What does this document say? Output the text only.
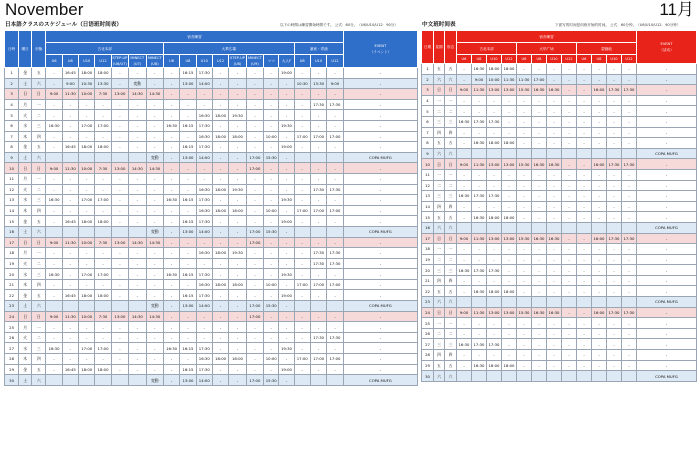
November	11月
日本語クラスのスケジュール（日语班时间表）	以下の時間は練習開始時間です。 公式：60分。（U6/U10/U12：90分）	中文班时间表	下面写的时间是训练开始的时间。 公式：60分钟。（U6/U10/U12：90分钟）
日時	曜日	形態	宿舎練習																		EVENT
（イベント）
			古北本部							大華広場								浦東・青浦			
			U6	U8	U10	U12	STEP-UP
(U6/U7)	MINECT
(U7)	MINECT
(U8)	U6	U8	U10	U12	STEP-UP
(U8)	MINECT
(U9)	ママ	大人F	U8	U10	U12	
1	金	五	-	16:45	18:00	18:00	-	-	-	-	16:15	17:30	-	-	-	-	19:00	-	-	-	-
2	土	六	-	9:00	10:30	13:30	-	変動	-	-	13:00	14:00	-	-	-	-	-	10:30	13:30	9:00	-
3	日	日	9:00	11:30	10:00	7:30	13:00	14:30	14:30	-	-	-	-	-	-	-	-	-	-	-	-
4	月	一	-	-	-	-	-	-	-	-	-	-	-	-	-	-	-	-	17:30	17:30	-
5	火	二	-	-	-	-	-	-	-	-	-	16:30	18:00	19:30	-	-	-	-	-	-	-
6	水	三	16:30	-	17:00	17:00	-	-	-	16:30	16:15	17:30	-	-	-	-	19:30	-	-	-	-
7	木	四	-	-	-	-	-	-	-	-	-	16:30	18:00	18:00	-	10:00	-	17:00	17:00	17:00	-
8	金	五	-	16:45	18:00	18:00	-	-	-	-	16:15	17:30	-	-	-	-	19:00	-	-	-	-
9	土	六							変動	-	13:00	14:00	-	-	17:00	15:30	-				COPA MUFG
10	日	日	9:00	11:30	10:00	7:30	13:00	14:30	14:30	-	-	-	-	-	17:00	-	-	-	-	-	-
11	月	一	-	-	-	-	-	-	-	-	-	-	-	-	-	-	-	-	-	-	-
12	火	二	-	-	-	-	-	-	-	-	-	16:30	18:00	19:30	-	-	-	-	17:30	17:30	-
13	水	三	16:30	-	17:00	17:00	-	-	-	16:30	16:15	17:30	-	-	-	-	19:30	-	-	-	-
14	木	四	-	-	-	-	-	-	-	-	-	16:30	18:00	18:00	-	10:00	-	17:00	17:00	17:00	-
15	金	五	-	16:45	18:00	18:00	-	-	-	-	16:15	17:30	-	-	-	-	19:00	-	-	-	-
16	土	六							変動	-	13:00	14:00	-	-	17:00	15:30	-				COPA MUFG
17	日	日	9:00	11:30	10:00	7:30	13:00	14:30	14:30	-	-	-	-	-	17:00	-	-	-	-	-	-
18	月	一	-	-	-	-	-	-	-	-	-	16:30	18:00	19:30	-	-	-	-	17:30	17:30	-
19	火	二	-	-	-	-	-	-	-	-	-	-	-	-	-	-	-	-	17:30	17:30	-
20	水	三	16:30	-	17:00	17:00	-	-	-	16:30	16:15	17:30	-	-	-	-	19:30	-	-	-	-
21	木	四	-	-	-	-	-	-	-	-	-	16:30	18:00	18:00	-	10:00	-	17:00	17:00	17:00	-
22	金	五	-	16:45	18:00	18:00	-	-	-	-	16:15	17:30	-	-	-	-	19:00	-	-	-	-
23	土	六							変動	-	13:00	14:00	-	-	17:00	15:30	-				COPA MUFG
24	日	日	9:00	11:30	10:00	7:30	13:00	14:30	14:30	-	-	-	-	-	17:00	-	-	-	-	-	-
25	月	一	-	-	-	-	-	-	-	-	-	-	-	-	-	-	-	-	-	-	-
26	火	二	-	-	-	-	-	-	-	-	-	-	-	-	-	-	-	-	17:30	17:30	-
27	水	三	16:30	-	17:00	17:00	-	-	-	16:30	16:15	17:30	-	-	-	-	19:30	-	-	-	-
28	木	四	-	-	-	-	-	-	-	-	-	16:30	18:00	18:00	-	10:00	-	17:00	17:00	17:00	-
29	金	五	-	16:45	18:00	18:00	-	-	-	-	16:15	17:30	-	-	-	-	19:00	-	-	-	-
30	土	六							変動	-	13:00	14:00	-	-	17:00	15:30	-				COPA MUFG
日期	星期	形态	宿舎練習												EVENT
（活动）
			古北本部				大华广场				碧綫地				
			U6	U8	U10	U12	U6	U8	U10	U12	U6	U8	U10	U12	
1	五	五	-	16:30	18:00	18:00	-	-	-	-	-	-	-	-	-
2	六	六	-	9:00	10:00	11:30	11:30	17:00	-	-	-	-	-	-	-
3	日	日	9:00	11:30	13:00	13:00	15:30	16:30	16:30	-	-	16:00	17:30	17:30	-
4	一	一	-	-	-	-	-	-	-	-	-	-	-	-	-
5	二	二	-	-	-	-	-	-	-	-	-	-	-	-	-
6	三	三	16:30	17:30	17:30	-	-	-	-	-	-	-	-	-	-
7	四	四	-	-	-	-	-	-	-	-	-	-	-	-	-
8	五	五	-	16:30	18:00	18:00	-	-	-	-	-	-	-	-	-
9	六	六													COPA MUFG
10	日	日	9:00	11:30	13:00	13:00	15:30	16:30	16:30	-	-	16:00	17:30	17:30	-
11	一	一	-	-	-	-	-	-	-	-	-	-	-	-	-
12	二	二	-	-	-	-	-	-	-	-	-	-	-	-	-
13	三	三	16:30	17:30	17:30	-	-	-	-	-	-	-	-	-	-
14	四	四	-	-	-	-	-	-	-	-	-	-	-	-	-
15	五	五	-	16:30	18:00	18:00	-	-	-	-	-	-	-	-	-
16	六	六													COPA MUFG
17	日	日	9:00	11:30	13:00	13:00	15:30	16:30	16:30	-	-	16:00	17:30	17:30	-
18	一	一	-	-	-	-	-	-	-	-	-	-	-	-	-
19	二	二	-	-	-	-	-	-	-	-	-	-	-	-	-
20	三	三	16:30	17:30	17:30	-	-	-	-	-	-	-	-	-	-
21	四	四	-	-	-	-	-	-	-	-	-	-	-	-	-
22	五	五	-	16:30	18:00	18:00	-	-	-	-	-	-	-	-	-
23	六	六													COPA MUFG
24	日	日	9:00	11:30	13:00	13:00	15:30	16:30	16:30	-	-	16:00	17:30	17:30	-
25	一	一	-	-	-	-	-	-	-	-	-	-	-	-	-
26	二	二	-	-	-	-	-	-	-	-	-	-	-	-	-
27	三	三	16:30	17:30	17:30	-	-	-	-	-	-	-	-	-	-
28	四	四	-	-	-	-	-	-	-	-	-	-	-	-	-
29	五	五	-	16:30	18:00	18:00	-	-	-	-	-	-	-	-	-
30	六	六													COPA MUFG
